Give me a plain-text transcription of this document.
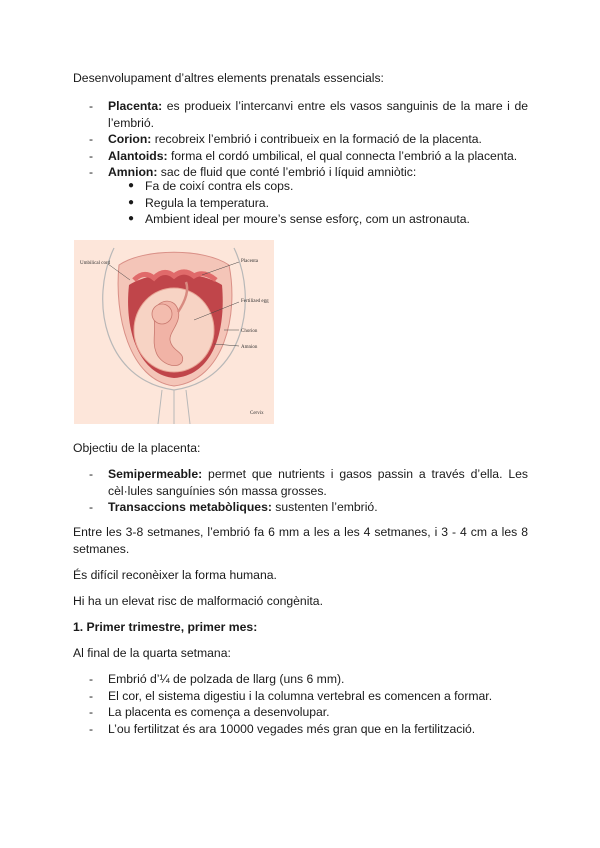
Desenvolupament d’altres elements prenatals essencials:

- Placenta: es produeix l’intercanvi entre els vasos sanguinis de la mare i de l’embrió.
- Corion: recobreix l’embrió i contribueix en la formació de la placenta.
- Alantoids: forma el cordó umbilical, el qual connecta l’embrió a la placenta.
- Amnion: sac de fluid que conté l’embrió i líquid amniòtic:
● Fa de coixí contra els cops.
● Regula la temperatura.
● Ambient ideal per moure’s sense esforç, com un astronauta.
Umbilical cord	Placenta
Fertilized egg
Chorion
Amnion
Cervix

Objectiu de la placenta:

- Semipermeable: permet que nutrients i gasos passin a través d’ella. Les cèl·lules sanguínies són massa grosses.
- Transaccions metabòliques: sustenten l’embrió.

Entre les 3-8 setmanes, l’embrió fa 6 mm a les a les 4 setmanes, i 3 - 4 cm a les 8 setmanes.

És difícil reconèixer la forma humana.

Hi ha un elevat risc de malformació congènita.

1. Primer trimestre, primer mes:

Al final de la quarta setmana:

- Embrió d’¼ de polzada de llarg (uns 6 mm).
- El cor, el sistema digestiu i la columna vertebral es comencen a formar.
- La placenta es comença a desenvolupar.
- L’ou fertilitzat és ara 10000 vegades més gran que en la fertilització.
